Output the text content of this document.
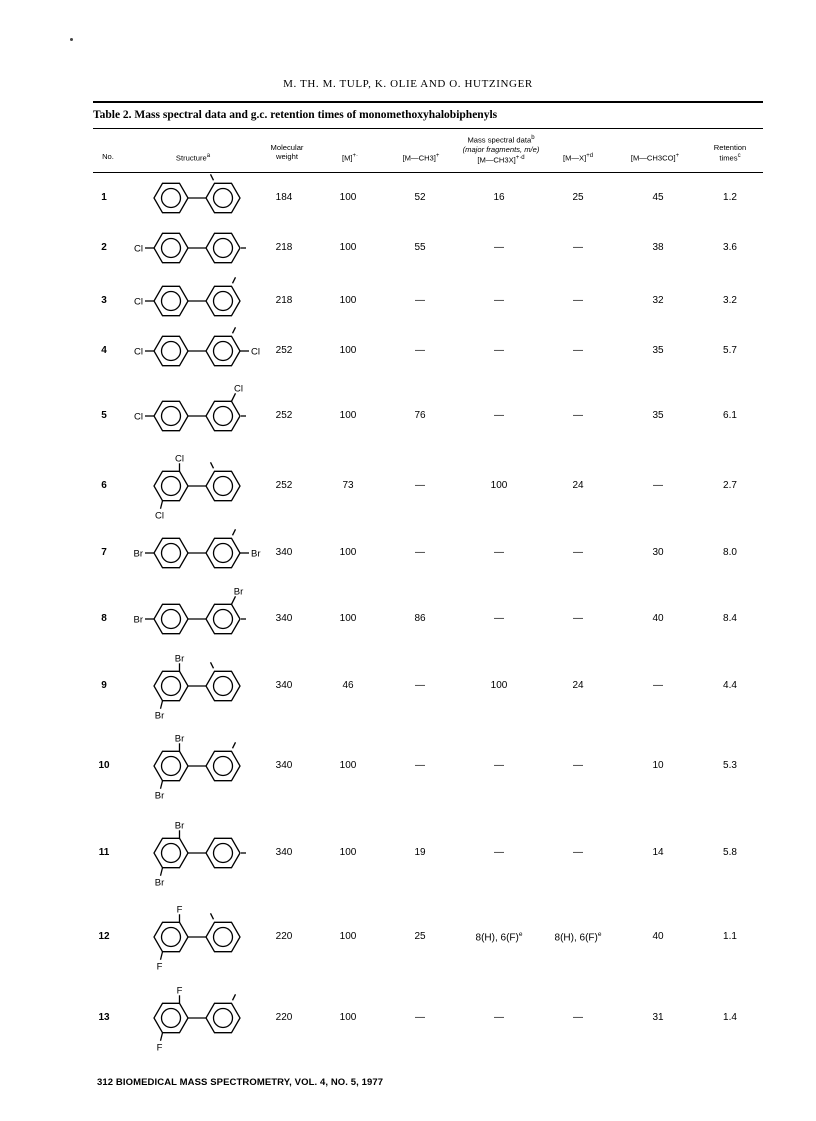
M. TH. M. TULP, K. OLIE AND O. HUTZINGER
Table 2. Mass spectral data and g.c. retention times of monomethoxyhalobiphenyls
No.	Structure$^a$
Molecular
weight	[M]+·	[M—CH3]+
Mass spectral data$^b$
(major fragments, m/e)
[M—CH3X]$^{+\cdot d}$	[M—X]$^{+d}$	[M—CH3CO]+
Retention
times$^c$
1	184	100	52	16	25	45	1.2
Cl
2	218	100	55	—	—	38	3.6
Cl
3	218	100	—	—	—	32	3.2
Cl	Cl
4	252	100	—	—	—	35	5.7
Cl
Cl
5	252	100	76	—	—	35	6.1
Cl
Cl
6	252	73	—	100	24	—	2.7
Br	Br
7	340	100	—	—	—	30	8.0
Br
Br
8	340	100	86	—	—	40	8.4
Br
Br
9	340	46	—	100	24	—	4.4
Br
Br
10	340	100	—	—	—	10	5.3
Br
Br
11	340	100	19	—	—	14	5.8
F
F
12	220	100	25	8(H), $6(F)^e$	8(H), $6(F)^e$	40	1.1
F
F
13	220	100	—	—	—	31	1.4
312 BIOMEDICAL MASS SPECTROMETRY, VOL. 4, NO. 5, 1977
